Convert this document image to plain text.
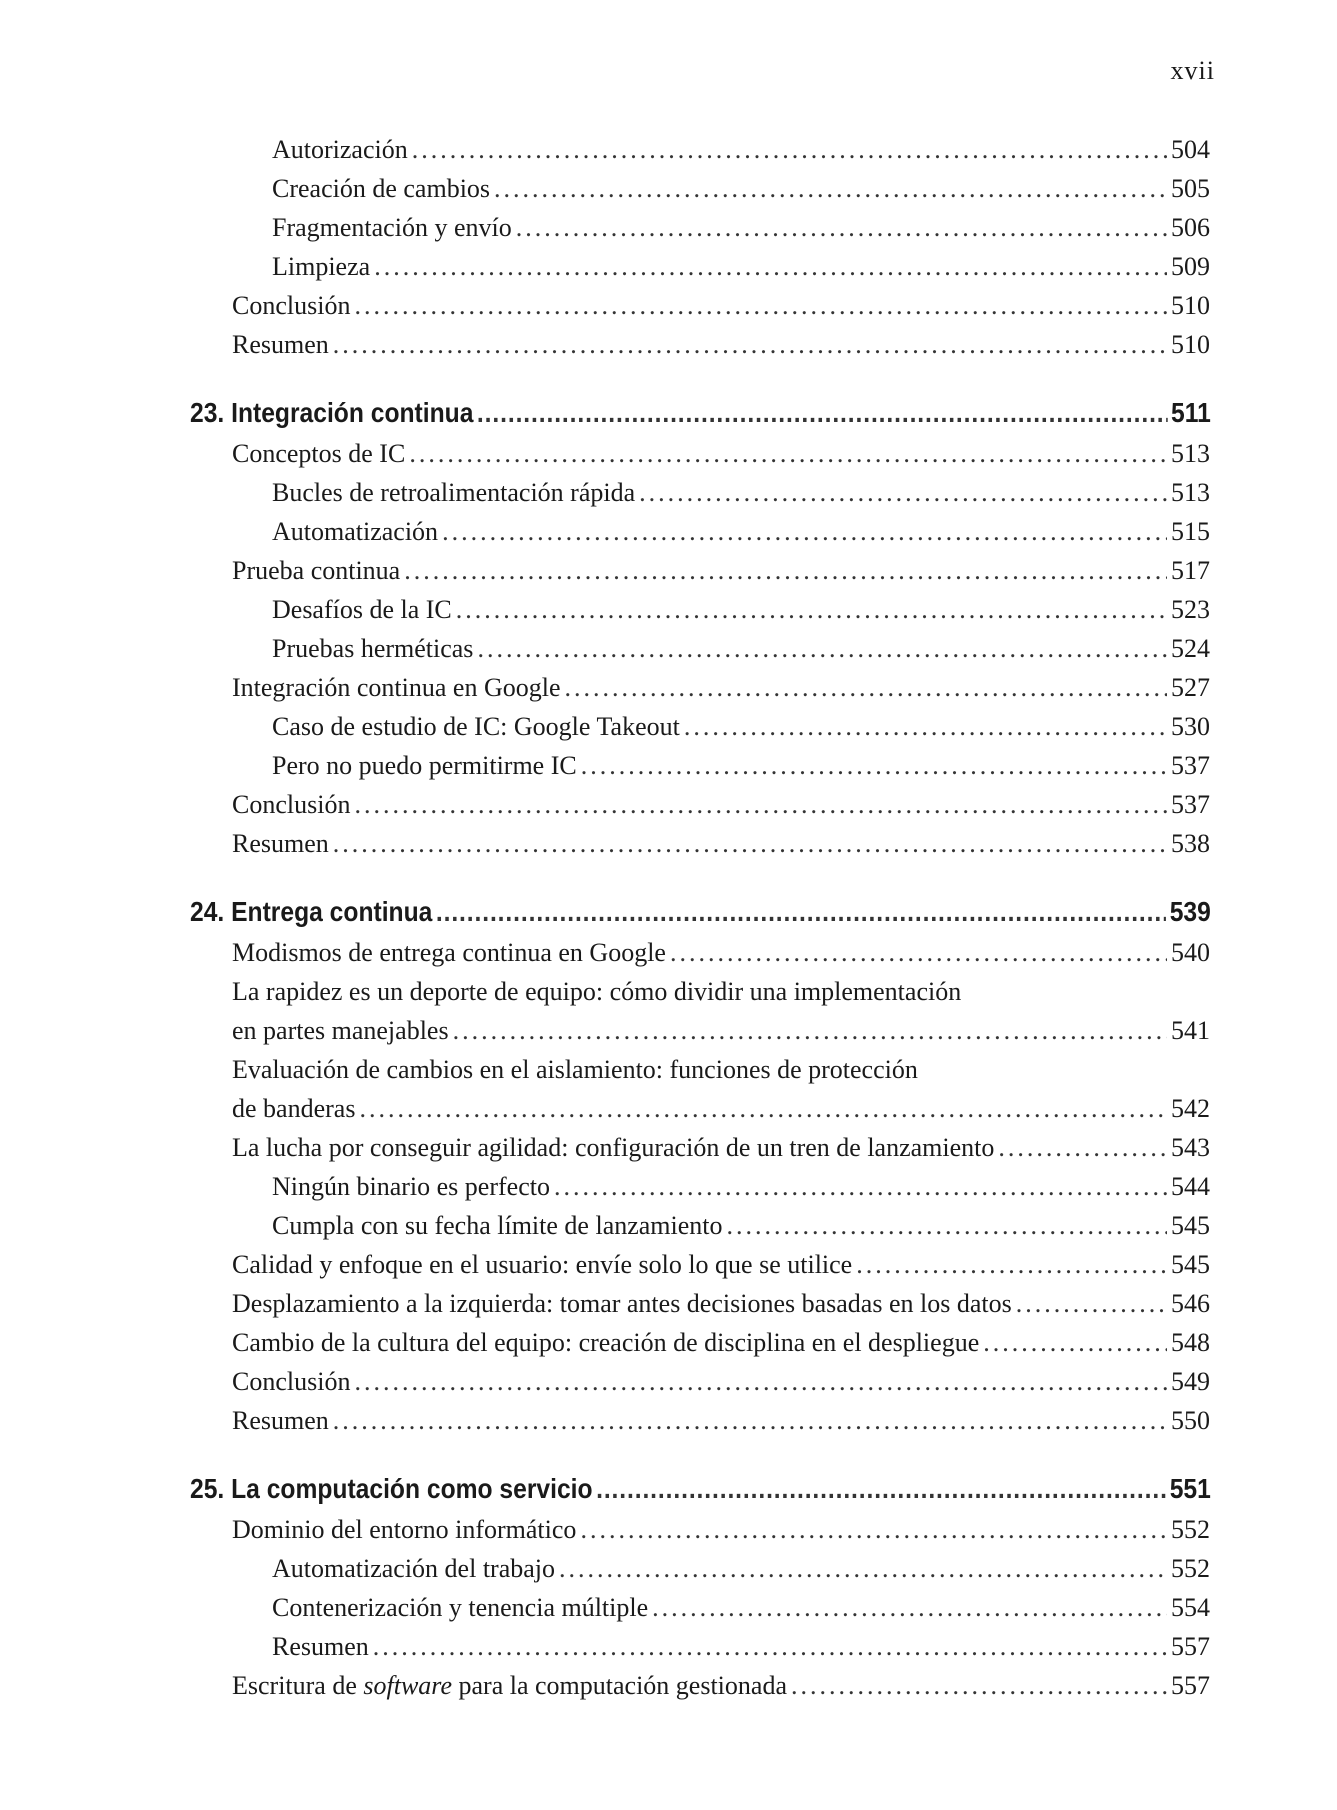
xvii
Autorización .....	504
Creación de cambios .....	505
Fragmentación y envío .....	506
Limpieza .....	509
Conclusión .....	510
Resumen .....	510
23. Integración continua .....	511
Conceptos de IC .....	513
Bucles de retroalimentación rápida .....	513
Automatización .....	515
Prueba continua .....	517
Desafíos de la IC .....	523
Pruebas herméticas .....	524
Integración continua en Google .....	527
Caso de estudio de IC: Google Takeout .....	530
Pero no puedo permitirme IC .....	537
Conclusión .....	537
Resumen .....	538
24. Entrega continua .....	539
Modismos de entrega continua en Google .....	540
La rapidez es un deporte de equipo: cómo dividir una implementación
en partes manejables .....	541
Evaluación de cambios en el aislamiento: funciones de protección
de banderas .....	542
La lucha por conseguir agilidad: configuración de un tren de lanzamiento .....	543
Ningún binario es perfecto .....	544
Cumpla con su fecha límite de lanzamiento .....	545
Calidad y enfoque en el usuario: envíe solo lo que se utilice .....	545
Desplazamiento a la izquierda: tomar antes decisiones basadas en los datos .....	546
Cambio de la cultura del equipo: creación de disciplina en el despliegue .....	548
Conclusión .....	549
Resumen .....	550
25. La computación como servicio .....	551
Dominio del entorno informático .....	552
Automatización del trabajo .....	552
Contenerización y tenencia múltiple .....	554
Resumen .....	557
Escritura de software para la computación gestionada .....	557
